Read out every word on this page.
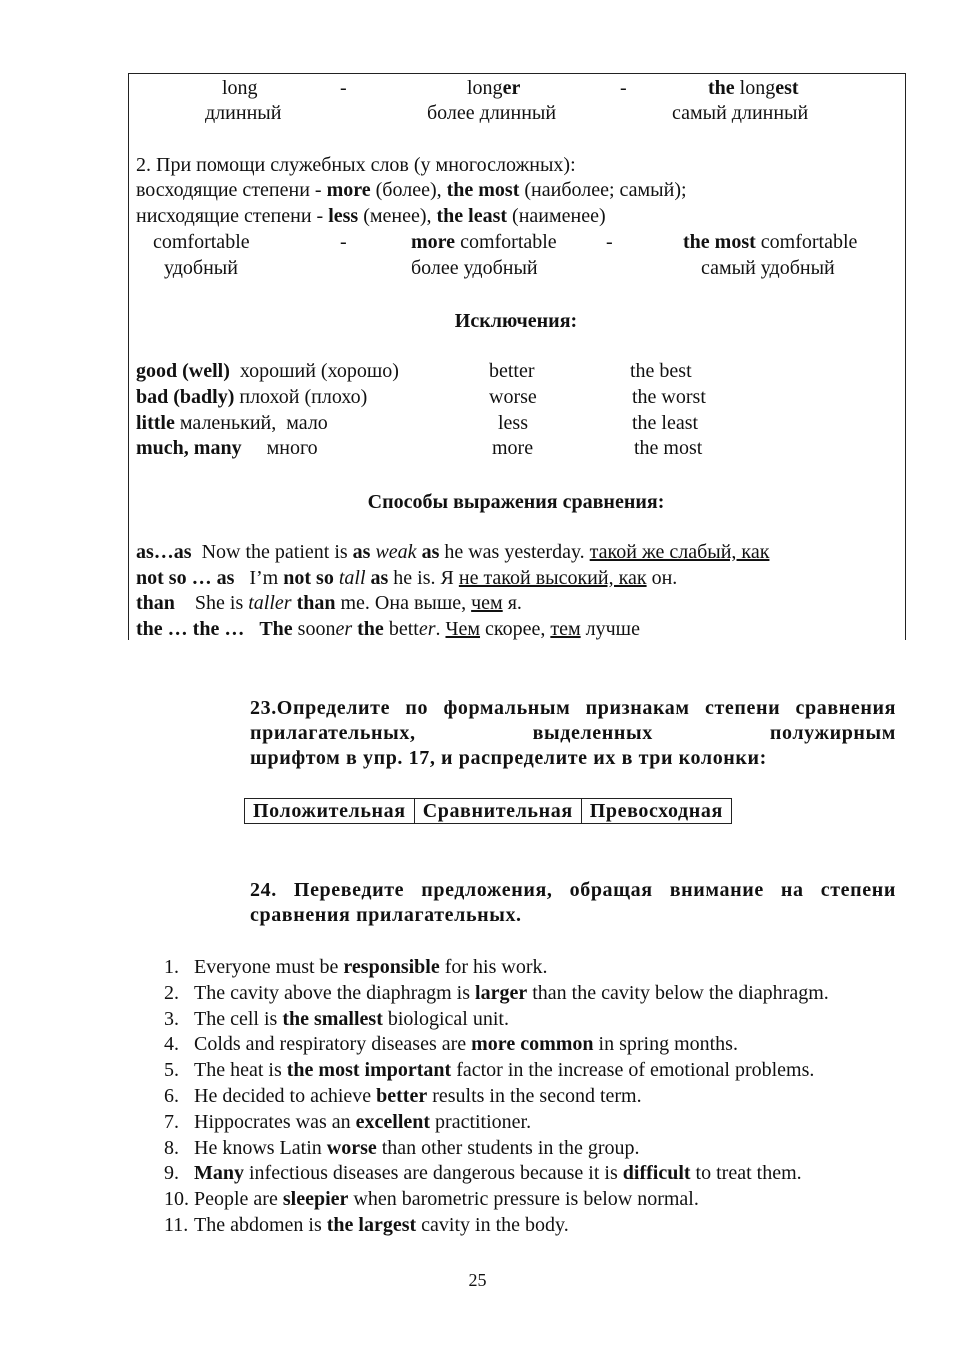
long	-	longer	-	the longest
длинный	более длинный	самый длинный
2. При помощи служебных слов (у многосложных):
восходящие степени - more (более), the most (наиболее; самый);
нисходящие степени - less (менее), the least (наименее)
comfortable	-	more comfortable -	the most comfortable
удобный	более удобный	самый удобный
Исключения:
good (well)  хороший (хорошо)	better	the best
bad (badly) плохой (плохо)	worse	the worst
little маленький,  мало	less	the least
much, many     много	more	the most
Способы выражения сравнения:
as…as  Now the patient is as weak as he was yesterday. такой же слабый, как
not so … as   I’m not so tall as he is. Я не такой высокий, как он.
than    She is taller than me. Она выше, чем я.
the … the … The sooner the better. Чем скорее, тем лучше
23.Определите по формальным признакам степени сравнения прилагательных, выделенных полужирным
шрифтом в упр. 17, и распределите их в три колонки:
Положительная	Сравнительная	Превосходная
24. Переведите предложения, обращая внимание на степени
сравнения прилагательных.
1. Everyone must be responsible for his work.
2. The cavity above the diaphragm is larger than the cavity below the diaphragm.
3. The cell is the smallest biological unit.
4. Colds and respiratory diseases are more common in spring months.
5. The heat is the most important factor in the increase of emotional problems.
6. He decided to achieve better results in the second term.
7. Hippocrates was an excellent practitioner.
8. He knows Latin worse than other students in the group.
9. Many infectious diseases are dangerous because it is difficult to treat them.
10. People are sleepier when barometric pressure is below normal.
11. The abdomen is the largest cavity in the body.
25
